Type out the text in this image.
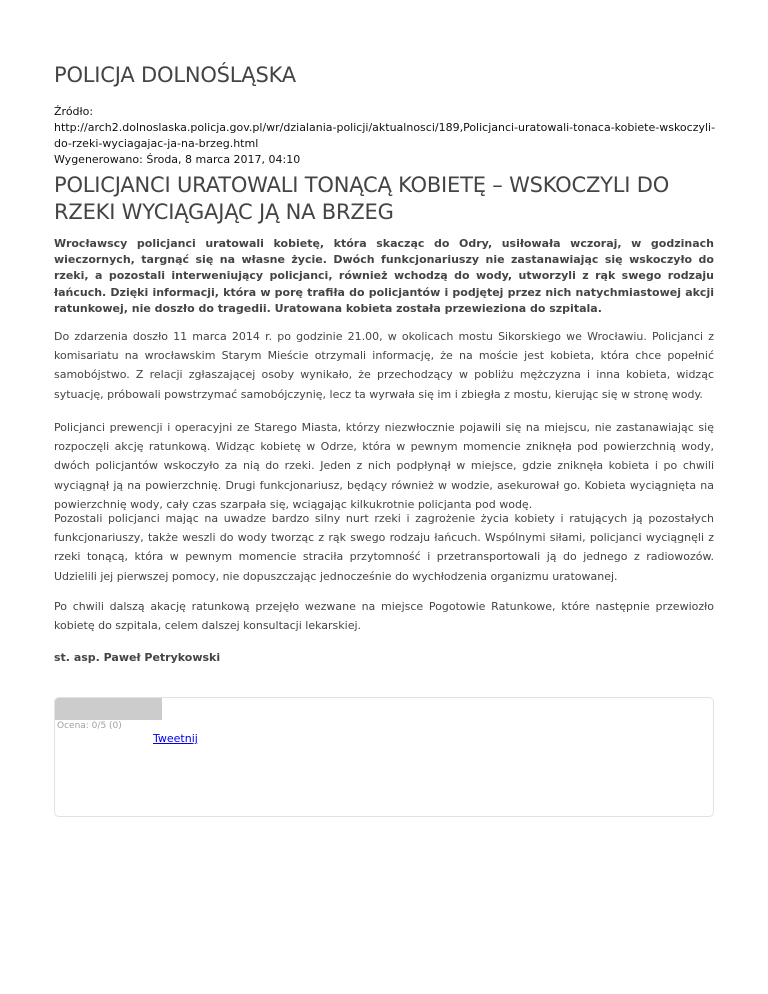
POLICJA DOLNOŚLĄSKA
Źródło:
http://arch2.dolnoslaska.policja.gov.pl/wr/dzialania-policji/aktualnosci/189,Policjanci-uratowali-tonaca-kobiete-wskoczyli-do-rzeki-wyciagajac-ja-na-brzeg.html
Wygenerowano: Środa, 8 marca 2017, 04:10
POLICJANCI URATOWALI TONĄCĄ KOBIETĘ – WSKOCZYLI DO RZEKI WYCIĄGAJĄC JĄ NA BRZEG

Wrocławscy policjanci uratowali kobietę, która skacząc do Odry, usiłowała wczoraj, w godzinach wieczornych, targnąć się na własne życie. Dwóch funkcjonariuszy nie zastanawiając się wskoczyło do rzeki, a pozostali interweniujący policjanci, również wchodzą do wody, utworzyli z rąk swego rodzaju łańcuch. Dzięki informacji, która w porę trafiła do policjantów i podjętej przez nich natychmiastowej akcji ratunkowej, nie doszło do tragedii. Uratowana kobieta została przewieziona do szpitala.

Do zdarzenia doszło 11 marca 2014 r. po godzinie 21.00, w okolicach mostu Sikorskiego we Wrocławiu. Policjanci z komisariatu na wrocławskim Starym Mieście otrzymali informację, że na moście jest kobieta, która chce popełnić samobójstwo. Z relacji zgłaszającej osoby wynikało, że przechodzący w pobliżu mężczyzna i inna kobieta, widząc sytuację, próbowali powstrzymać samobójczynię, lecz ta wyrwała się im i zbiegła z mostu, kierując się w stronę wody.

Policjanci prewencji i operacyjni ze Starego Miasta, którzy niezwłocznie pojawili się na miejscu, nie zastanawiając się rozpoczęli akcję ratunkową. Widząc kobietę w Odrze, która w pewnym momencie zniknęła pod powierzchnią wody, dwóch policjantów wskoczyło za nią do rzeki. Jeden z nich podpłynął w miejsce, gdzie zniknęła kobieta i po chwili wyciągnął ją na powierzchnię. Drugi funkcjonariusz, będący również w wodzie, asekurował go. Kobieta wyciągnięta na powierzchnię wody, cały czas szarpała się, wciągając kilkukrotnie policjanta pod wodę.

Pozostali policjanci mając na uwadze bardzo silny nurt rzeki i zagrożenie życia kobiety i ratujących ją pozostałych funkcjonariuszy, także weszli do wody tworząc z rąk swego rodzaju łańcuch. Wspólnymi siłami, policjanci wyciągnęli z rzeki tonącą, która w pewnym momencie straciła przytomność i przetransportowali ją do jednego z radiowozów. Udzielili jej pierwszej pomocy, nie dopuszczając jednocześnie do wychłodzenia organizmu uratowanej.

Po chwili dalszą akację ratunkową przejęło wezwane na miejsce Pogotowie Ratunkowe, które następnie przewiozło kobietę do szpitala, celem dalszej konsultacji lekarskiej.

st. asp. Paweł Petrykowski

Ocena: 0/5 (0)
Tweetnij
